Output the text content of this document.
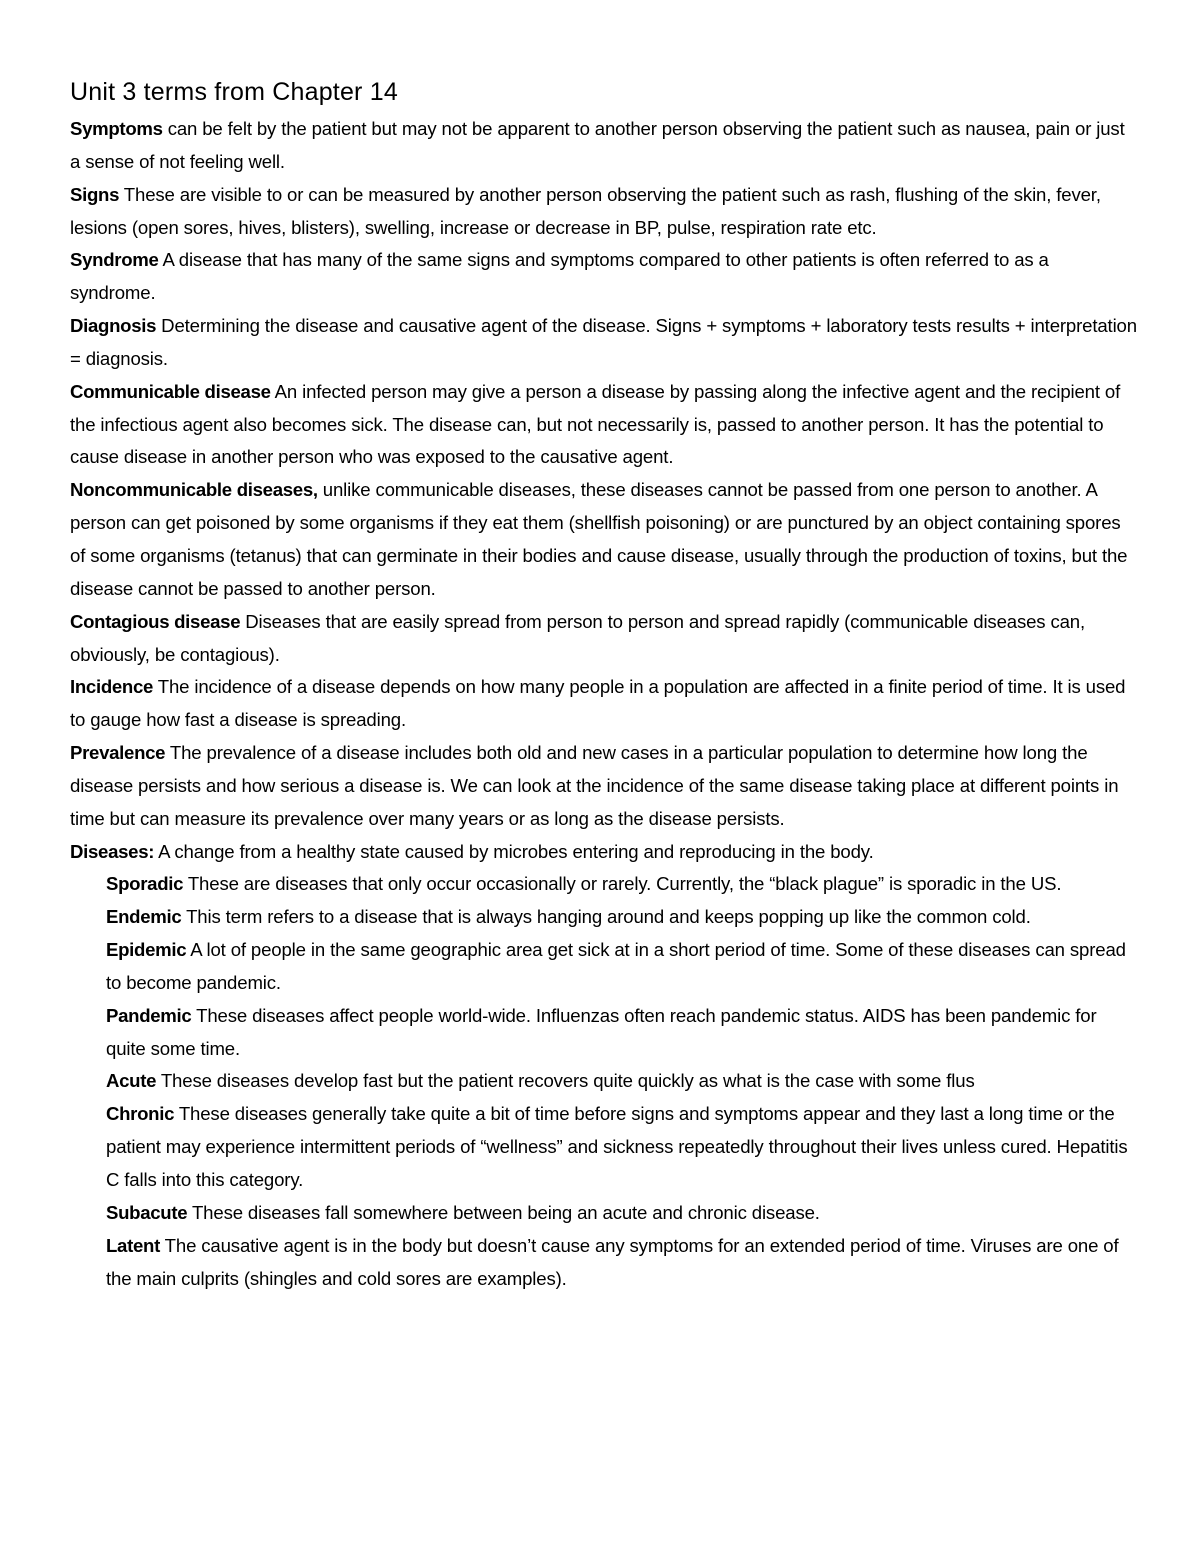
Unit 3 terms from Chapter 14

Symptoms can be felt by the patient but may not be apparent to another person observing the patient such as nausea, pain or just a sense of not feeling well.

Signs These are visible to or can be measured by another person observing the patient such as rash, flushing of the skin, fever, lesions (open sores, hives, blisters), swelling, increase or decrease in BP, pulse, respiration rate etc.

Syndrome A disease that has many of the same signs and symptoms compared to other patients is often referred to as a syndrome.

Diagnosis Determining the disease and causative agent of the disease. Signs + symptoms + laboratory tests results + interpretation = diagnosis.

Communicable disease An infected person may give a person a disease by passing along the infective agent and the recipient of the infectious agent also becomes sick. The disease can, but not necessarily is, passed to another person. It has the potential to cause disease in another person who was exposed to the causative agent.

Noncommunicable diseases, unlike communicable diseases, these diseases cannot be passed from one person to another. A person can get poisoned by some organisms if they eat them (shellfish poisoning) or are punctured by an object containing spores of some organisms (tetanus) that can germinate in their bodies and cause disease, usually through the production of toxins, but the disease cannot be passed to another person.

Contagious disease Diseases that are easily spread from person to person and spread rapidly (communicable diseases can, obviously, be contagious).

Incidence The incidence of a disease depends on how many people in a population are affected in a finite period of time. It is used to gauge how fast a disease is spreading.

Prevalence The prevalence of a disease includes both old and new cases in a particular population to determine how long the disease persists and how serious a disease is. We can look at the incidence of the same disease taking place at different points in time but can measure its prevalence over many years or as long as the disease persists.

Diseases: A change from a healthy state caused by microbes entering and reproducing in the body.

Sporadic These are diseases that only occur occasionally or rarely. Currently, the “black plague” is sporadic in the US.

Endemic This term refers to a disease that is always hanging around and keeps popping up like the common cold.

Epidemic A lot of people in the same geographic area get sick at in a short period of time. Some of these diseases can spread to become pandemic.

Pandemic These diseases affect people world-wide. Influenzas often reach pandemic status. AIDS has been pandemic for quite some time.

Acute These diseases develop fast but the patient recovers quite quickly as what is the case with some flus

Chronic These diseases generally take quite a bit of time before signs and symptoms appear and they last a long time or the patient may experience intermittent periods of “wellness” and sickness repeatedly throughout their lives unless cured. Hepatitis C falls into this category.

Subacute These diseases fall somewhere between being an acute and chronic disease.

Latent The causative agent is in the body but doesn’t cause any symptoms for an extended period of time. Viruses are one of the main culprits (shingles and cold sores are examples).
